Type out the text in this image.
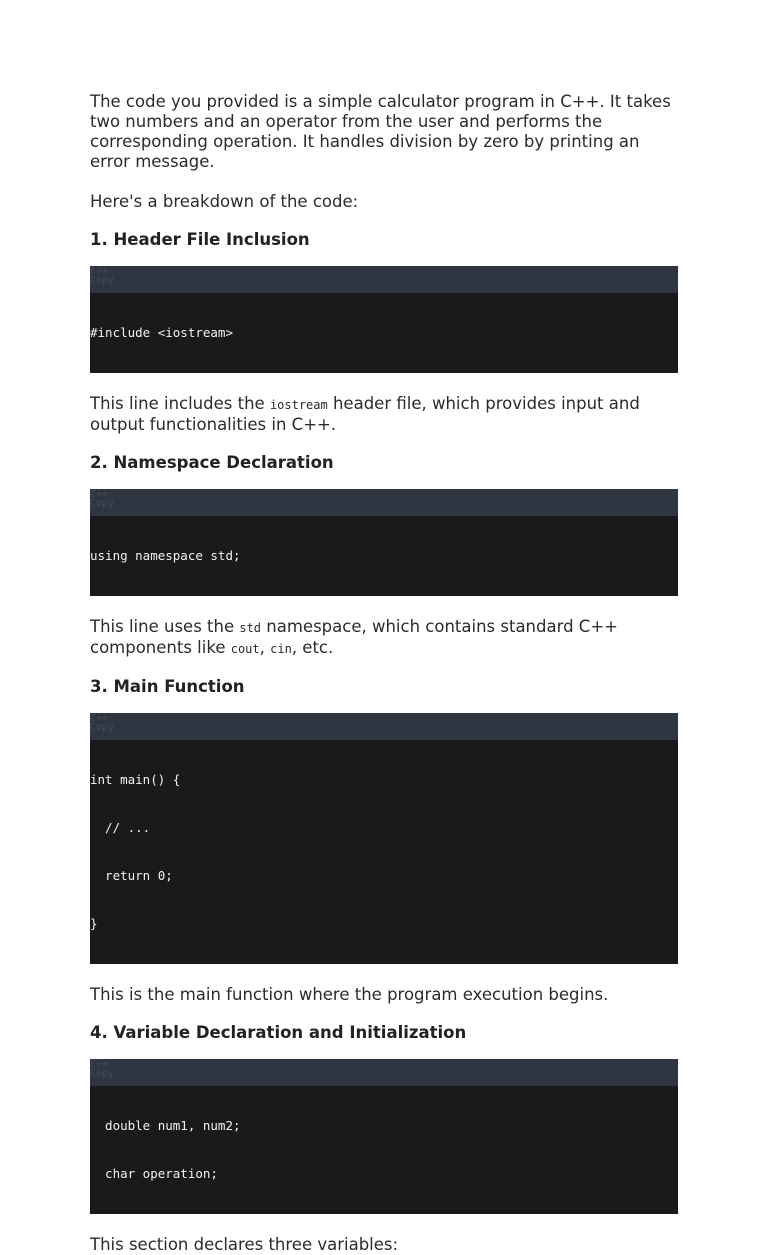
The code you provided is a simple calculator program in C++. It takes two numbers and an operator from the user and performs the corresponding operation. It handles division by zero by printing an error message.

Here's a breakdown of the code:

1. Header File Inclusion
C++
Copy

#include <iostream>

This line includes the iostream header file, which provides input and output functionalities in C++.

2. Namespace Declaration
C++
Copy

using namespace std;

This line uses the std namespace, which contains standard C++ components like cout, cin, etc.

3. Main Function
C++
Copy

int main() {

// ...

return 0;

}

This is the main function where the program execution begins.

4. Variable Declaration and Initialization
C++
Copy

double num1, num2;

char operation;

This section declares three variables:
